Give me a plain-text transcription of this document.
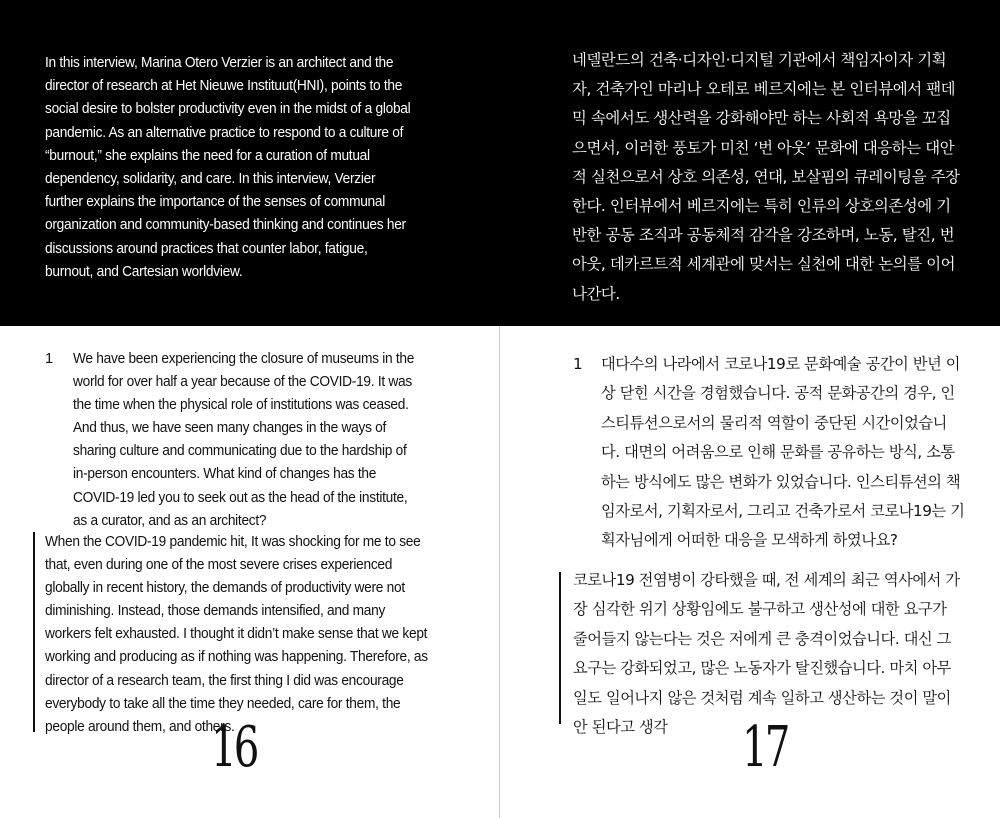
In this interview, Marina Otero Verzier is an architect and the director of research at Het Nieuwe Instituut(HNI), points to the social desire to bolster productivity even in the midst of a global pandemic. As an alternative practice to respond to a culture of “burnout,” she explains the need for a curation of mutual dependency, solidarity, and care. In this interview, Verzier further explains the importance of the senses of communal organization and community-based thinking and continues her discussions around practices that counter labor, fatigue, burnout, and Cartesian worldview.

1 We have been experiencing the closure of museums in the world for over half a year because of the COVID-19. It was the time when the physical role of institutions was ceased. And thus, we have seen many changes in the ways of sharing culture and communicating due to the hardship of in-person encounters. What kind of changes has the COVID-19 led you to seek out as the head of the institute, as a curator, and as an architect?

When the COVID-19 pandemic hit, It was shocking for me to see that, even during one of the most severe crises experienced globally in recent history, the demands of productivity were not diminishing. Instead, those demands intensified, and many workers felt exhausted. I thought it didn’t make sense that we kept working and producing as if nothing was happening. Therefore, as director of a research team, the first thing I did was encourage everybody to take all the time they needed, care for them, the people around them, and others.

16

네델란드의 건축·디자인·디지털 기관에서 책임자이자 기획자, 건축가인 마리나 오테로 베르지에는 본 인터뷰에서 팬데믹 속에서도 생산력을 강화해야만 하는 사회적 욕망을 꼬집으면서, 이러한 풍토가 미친 ‘번 아웃’ 문화에 대응하는 대안적 실천으로서 상호 의존성, 연대, 보살핌의 큐레이팅을 주장한다. 인터뷰에서 베르지에는 특히 인류의 상호의존성에 기반한 공동 조직과 공동체적 감각을 강조하며, 노동, 탈진, 번아웃, 데카르트적 세계관에 맞서는 실천에 대한 논의를 이어나간다.

1 대다수의 나라에서 코로나19로 문화예술 공간이 반년 이상 닫힌 시간을 경험했습니다. 공적 문화공간의 경우, 인스티튜션으로서의 물리적 역할이 중단된 시간이었습니다. 대면의 어려움으로 인해 문화를 공유하는 방식, 소통하는 방식에도 많은 변화가 있었습니다. 인스티튜션의 책임자로서, 기획자로서, 그리고 건축가로서 코로나19는 기획자님에게 어떠한 대응을 모색하게 하였나요?

코로나19 전염병이 강타했을 때, 전 세계의 최근 역사에서 가장 심각한 위기 상황임에도 불구하고 생산성에 대한 요구가 줄어들지 않는다는 것은 저에게 큰 충격이었습니다. 대신 그 요구는 강화되었고, 많은 노동자가 탈진했습니다. 마치 아무 일도 일어나지 않은 것처럼 계속 일하고 생산하는 것이 말이 안 된다고 생각	17
